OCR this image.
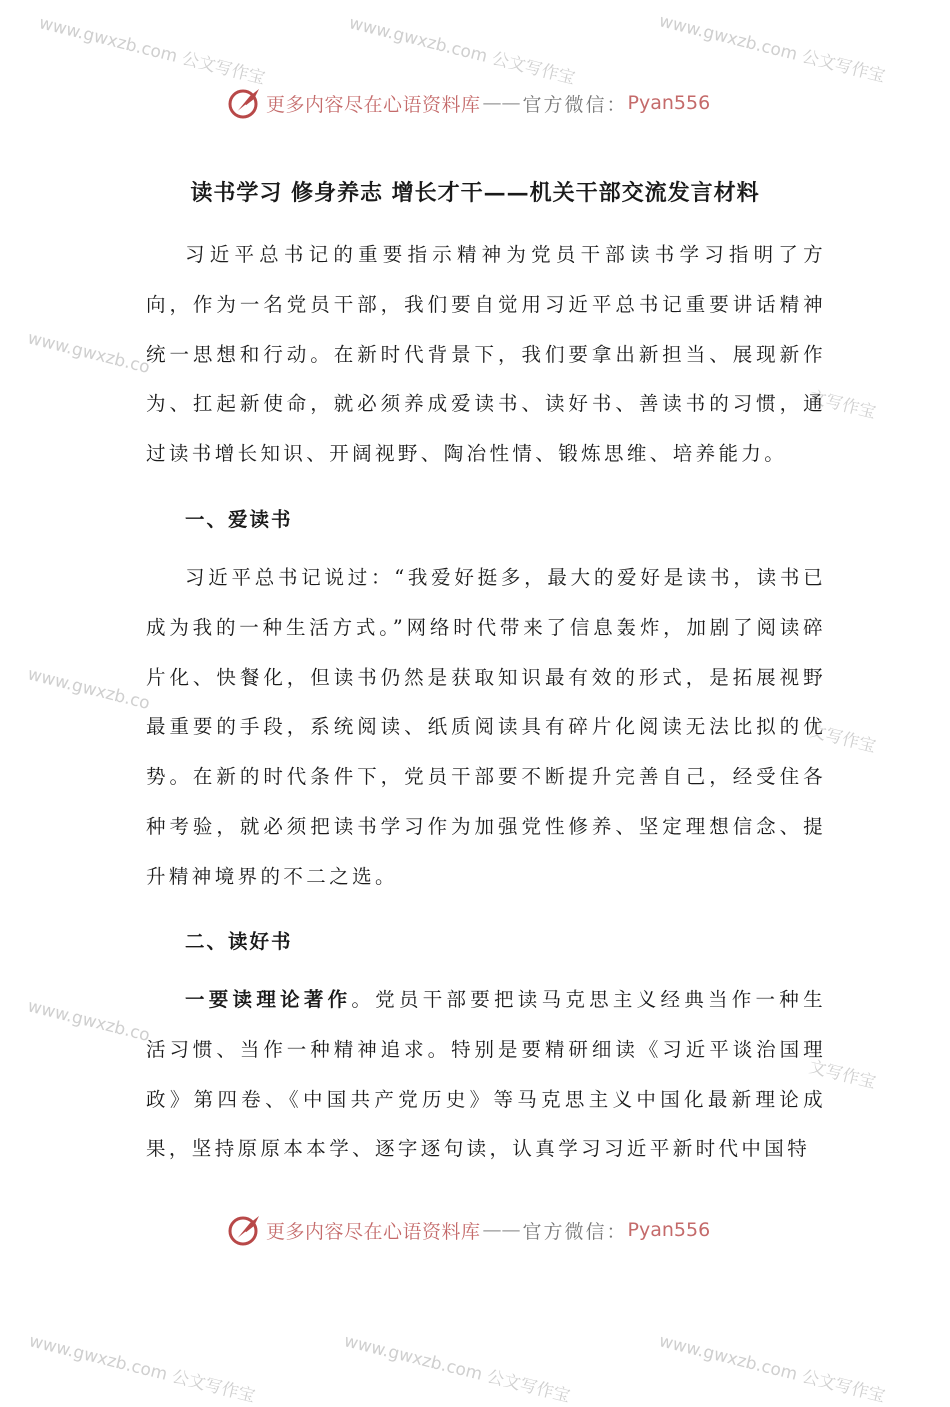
www.gwxzb.com 公文写作宝	www.gwxzb.com 公文写作宝	www.gwxzb.com 公文写作宝
www.gwxzb.co
文写作宝
www.gwxzb.co
文写作宝
www.gwxzb.co
文写作宝
更多内容尽在心语资料库 —— 官方微信： Pyan556
读书学习 修身养志 增长才干——机关干部交流发言材料

习近平总书记的重要指示精神为党员干部读书学习指明了方向，作为一名党员干部，我们要自觉用习近平总书记重要讲话精神统一思想和行动。在新时代背景下，我们要拿出新担当、展现新作为、扛起新使命，就必须养成爱读书、读好书、善读书的习惯，通过读书增长知识、开阔视野、陶冶性情、锻炼思维、培养能力。

一、爱读书

习近平总书记说过：“我爱好挺多，最大的爱好是读书，读书已成为我的一种生活方式。”网络时代带来了信息轰炸，加剧了阅读碎片化、快餐化，但读书仍然是获取知识最有效的形式，是拓展视野最重要的手段，系统阅读、纸质阅读具有碎片化阅读无法比拟的优势。在新的时代条件下，党员干部要不断提升完善自己，经受住各种考验，就必须把读书学习作为加强党性修养、坚定理想信念、提升精神境界的不二之选。

二、读好书

一要读理论著作。党员干部要把读马克思主义经典当作一种生活习惯、当作一种精神追求。特别是要精研细读《习近平谈治国理政》第四卷、《中国共产党历史》等马克思主义中国化最新理论成果，坚持原原本本学、逐字逐句读，认真学习习近平新时代中国特

更多内容尽在心语资料库 —— 官方微信： Pyan556
www.gwxzb.com 公文写作宝	www.gwxzb.com 公文写作宝	www.gwxzb.com 公文写作宝
